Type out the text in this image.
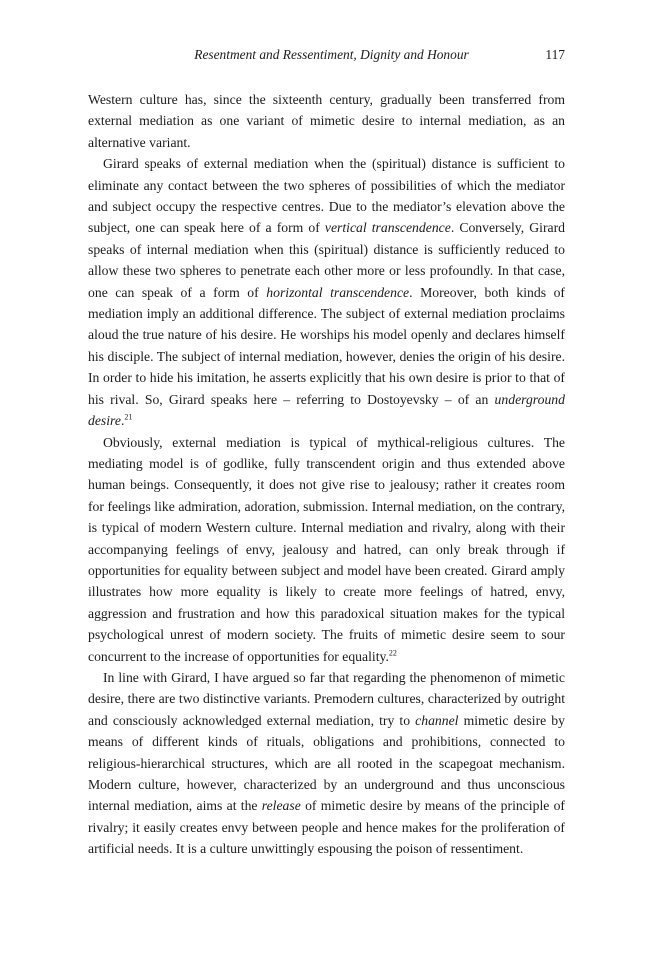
Resentment and Ressentiment, Dignity and Honour	117

Western culture has, since the sixteenth century, gradually been transferred from external mediation as one variant of mimetic desire to internal mediation, as an alternative variant.

Girard speaks of external mediation when the (spiritual) distance is sufficient to eliminate any contact between the two spheres of possibilities of which the mediator and subject occupy the respective centres. Due to the mediator’s elevation above the subject, one can speak here of a form of vertical transcendence. Conversely, Girard speaks of internal mediation when this (spiritual) distance is sufficiently reduced to allow these two spheres to penetrate each other more or less profoundly. In that case, one can speak of a form of horizontal transcendence. Moreover, both kinds of mediation imply an additional difference. The subject of external mediation proclaims aloud the true nature of his desire. He worships his model openly and declares himself his disciple. The subject of internal mediation, however, denies the origin of his desire. In order to hide his imitation, he asserts explicitly that his own desire is prior to that of his rival. So, Girard speaks here – referring to Dostoyevsky – of an underground desire.$^{21}$

Obviously, external mediation is typical of mythical-religious cultures. The mediating model is of godlike, fully transcendent origin and thus extended above human beings. Consequently, it does not give rise to jealousy; rather it creates room for feelings like admiration, adoration, submission. Internal mediation, on the contrary, is typical of modern Western culture. Internal mediation and rivalry, along with their accompanying feelings of envy, jealousy and hatred, can only break through if opportunities for equality between subject and model have been created. Girard amply illustrates how more equality is likely to create more feelings of hatred, envy, aggression and frustration and how this paradoxical situation makes for the typical psychological unrest of modern society. The fruits of mimetic desire seem to sour concurrent to the increase of opportunities for equality.$^{22}$

In line with Girard, I have argued so far that regarding the phenomenon of mimetic desire, there are two distinctive variants. Premodern cultures, characterized by outright and consciously acknowledged external mediation, try to channel mimetic desire by means of different kinds of rituals, obligations and prohibitions, connected to religious-hierarchical structures, which are all rooted in the scapegoat mechanism. Modern culture, however, characterized by an underground and thus unconscious internal mediation, aims at the release of mimetic desire by means of the principle of rivalry; it easily creates envy between people and hence makes for the proliferation of artificial needs. It is a culture unwittingly espousing the poison of ressentiment.
